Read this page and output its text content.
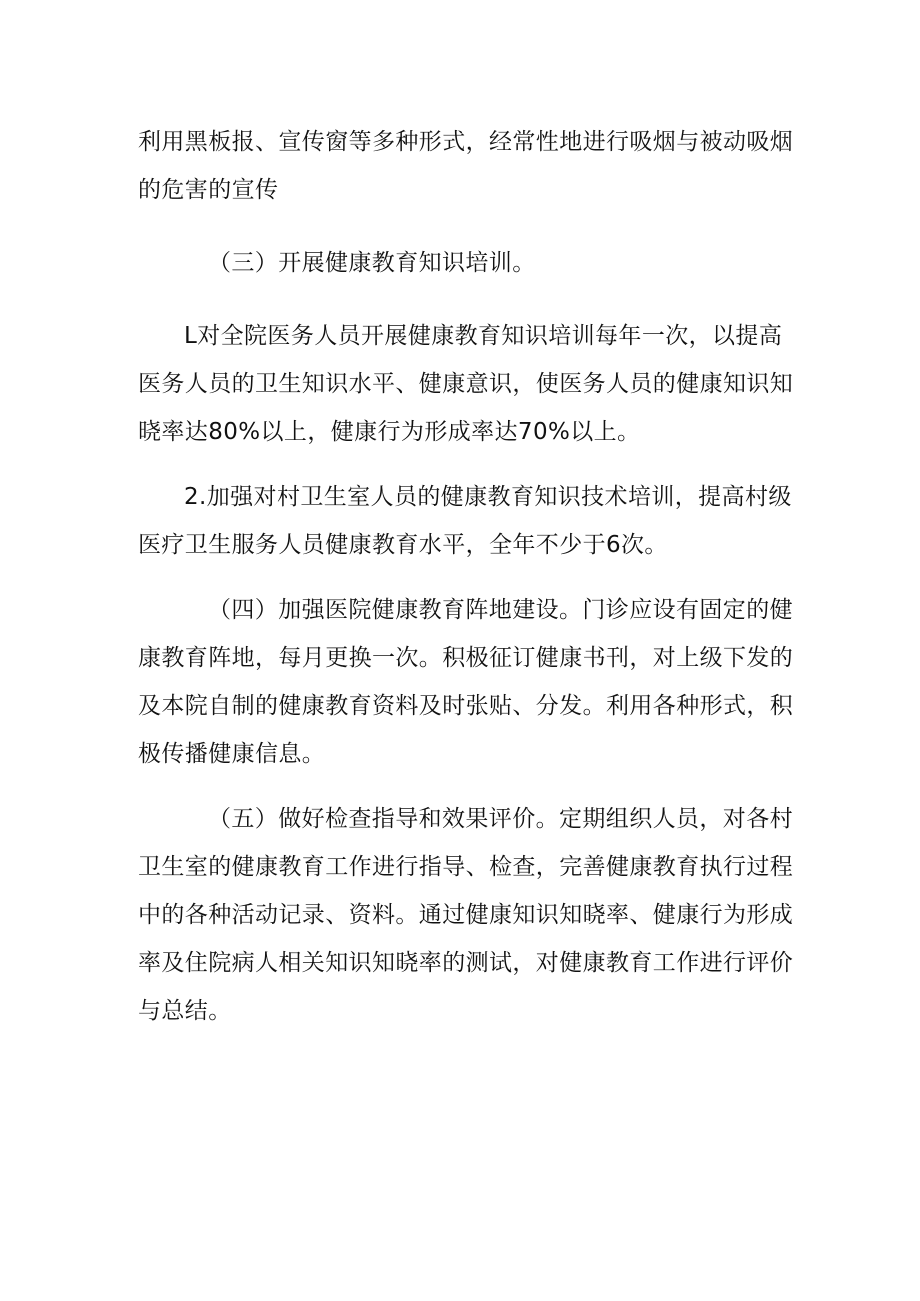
利用黑板报、宣传窗等多种形式，经常性地进行吸烟与被动吸烟
的危害的宣传
（三）开展健康教育知识培训。
L对全院医务人员开展健康教育知识培训每年一次，以提高
医务人员的卫生知识水平、健康意识，使医务人员的健康知识知
晓率达80%以上，健康行为形成率达70%以上。
2.加强对村卫生室人员的健康教育知识技术培训，提高村级
医疗卫生服务人员健康教育水平，全年不少于6次。
（四）加强医院健康教育阵地建设。门诊应设有固定的健
康教育阵地，每月更换一次。积极征订健康书刊，对上级下发的
及本院自制的健康教育资料及时张贴、分发。利用各种形式，积
极传播健康信息。
（五）做好检查指导和效果评价。定期组织人员，对各村
卫生室的健康教育工作进行指导、检查，完善健康教育执行过程
中的各种活动记录、资料。通过健康知识知晓率、健康行为形成
率及住院病人相关知识知晓率的测试，对健康教育工作进行评价
与总结。
